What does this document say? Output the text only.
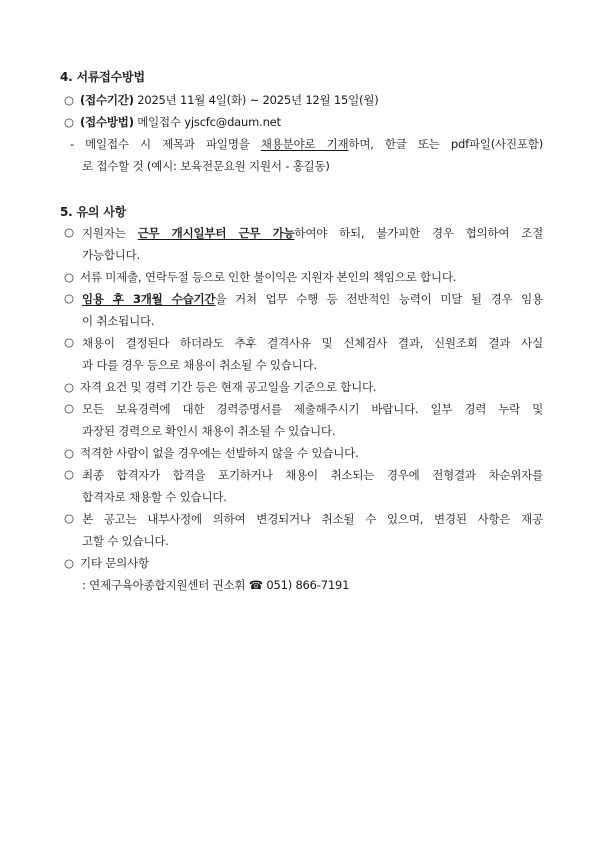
4. 서류접수방법
○ (접수기간) 2025년 11월 4일(화) ~ 2025년 12월 15일(월)
○ (접수방법) 메일접수 yjscfc@daum.net
- 메일접수 시 제목과 파일명을 채용분야로 기재하며, 한글 또는 pdf파일(사진포함)
로 접수할 것 (예시: 보육전문요원 지원서 - 홍길동)
5. 유의 사항
○ 지원자는 근무 개시일부터 근무 가능하여야 하되, 불가피한 경우 협의하여 조절
가능합니다.
○ 서류 미제출, 연락두절 등으로 인한 불이익은 지원자 본인의 책임으로 합니다.
○ 임용 후 3개월 수습기간을 거쳐 업무 수행 등 전반적인 능력이 미달 될 경우 임용
이 취소됩니다.
○ 채용이 결정된다 하더라도 추후 결격사유 및 신체검사 결과, 신원조회 결과 사실
과 다를 경우 등으로 채용이 취소될 수 있습니다.
○ 자격 요건 및 경력 기간 등은 현재 공고일을 기준으로 합니다.
○ 모든 보육경력에 대한 경력증명서를 제출해주시기 바랍니다. 일부 경력 누락 및
과장된 경력으로 확인시 채용이 취소될 수 있습니다.
○ 적격한 사람이 없을 경우에는 선발하지 않을 수 있습니다.
○ 최종 합격자가 합격을 포기하거나 채용이 취소되는 경우에 전형결과 차순위자를
합격자로 채용할 수 있습니다.
○ 본 공고는 내부사정에 의하여 변경되거나 취소될 수 있으며, 변경된 사항은 재공
고할 수 있습니다.
○ 기타 문의사항
: 연제구육아종합지원센터 권소휘 ☎ 051) 866-7191
